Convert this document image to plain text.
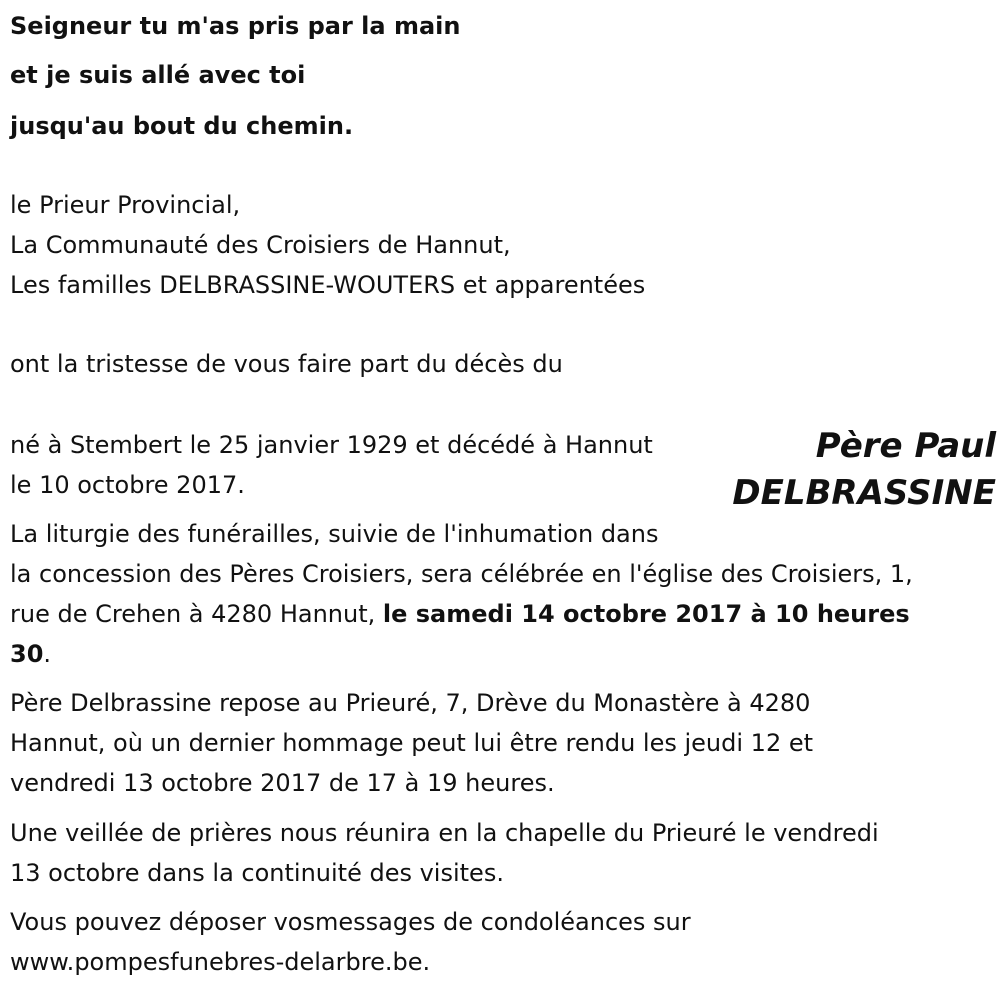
Seigneur tu m'as pris par la main
et je suis allé avec toi
jusqu'au bout du chemin.
le Prieur Provincial,
La Communauté des Croisiers de Hannut,
Les familles DELBRASSINE-WOUTERS et apparentées
ont la tristesse de vous faire part du décès du
né à Stembert le 25 janvier 1929 et décédé à Hannut
le 10 octobre 2017.
Père Paul
DELBRASSINE
La liturgie des funérailles, suivie de l'inhumation dans
la concession des Pères Croisiers, sera célébrée en l'église des Croisiers, 1,
rue de Crehen à 4280 Hannut, le samedi 14 octobre 2017 à 10 heures
30.
Père Delbrassine repose au Prieuré, 7, Drève du Monastère à 4280
Hannut, où un dernier hommage peut lui être rendu les jeudi 12 et
vendredi 13 octobre 2017 de 17 à 19 heures.
Une veillée de prières nous réunira en la chapelle du Prieuré le vendredi
13 octobre dans la continuité des visites.
Vous pouvez déposer vosmessages de condoléances sur
www.pompesfunebres-delarbre.be.
